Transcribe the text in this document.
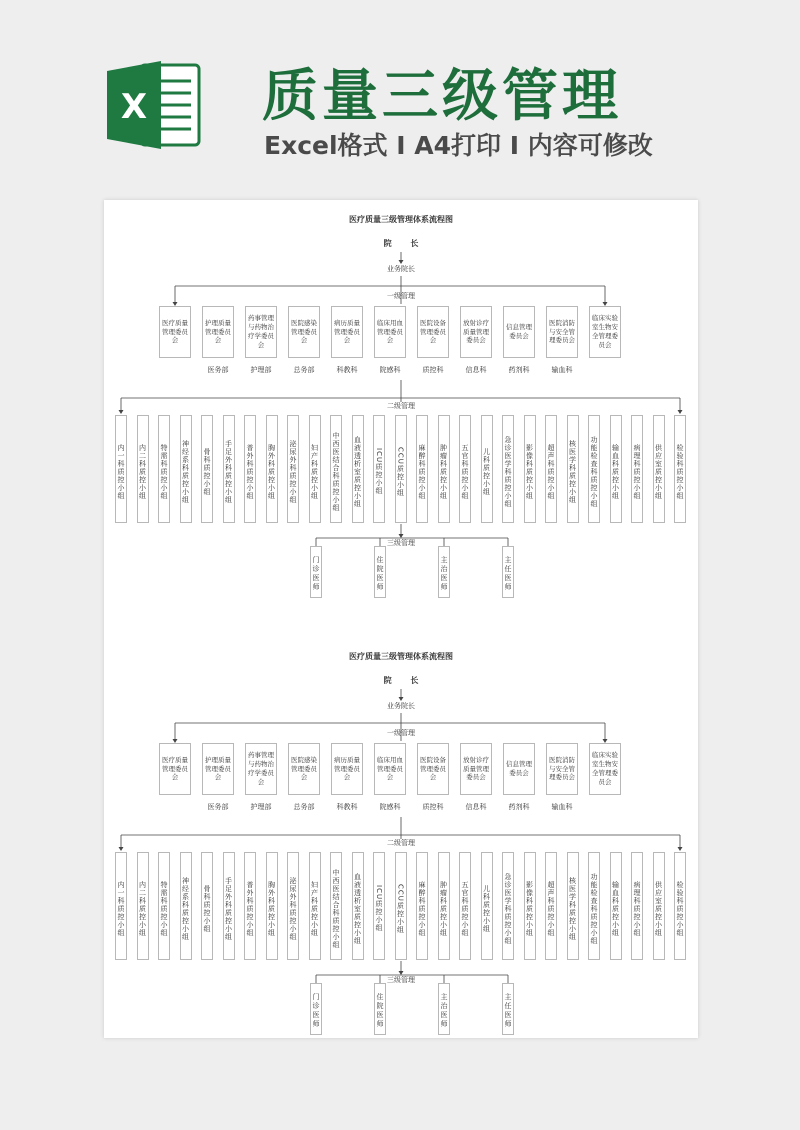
X 质量三级管理
Excel格式 I A4打印 I 内容可修改
医疗质量三级管理体系流程图
院 长
业务院长
一级管理
医疗质量管理委员会
护理质量管理委员会
药事管理与药物治疗学委员会
医院感染管理委员会
病历质量管理委员会
临床用血管理委员会
医院设备管理委员会
放射诊疗质量管理委员会
信息管理委员会
医院消防与安全管理委员会
临床实验室生物安全管理委员会
医务部	护理部	总务部	科教科	院感科	质控科	信息科	药剂科	输血科
二级管理
内一科质控小组 内二科质控小组 特需科质控小组 神经系科质控小组 骨科质控小组 手足外科质控小组 普外科质控小组 胸外科质控小组 泌尿外科质控小组 妇产科质控小组 中西医结合科质控小组 血液透析室质控小组 ICU质控小组 CCU质控小组 麻醉科质控小组 肿瘤科质控小组 五官科质控小组 儿科质控小组 急诊医学科质控小组 影像科质控小组 超声科质控小组 核医学科质控小组 功能检查科质控小组 输血科质控小组 病理科质控小组 供应室质控小组 检验科质控小组
三级管理
门诊医师	住院医师	主治医师	主任医师
医疗质量三级管理体系流程图
院 长
业务院长
一级管理
医疗质量管理委员会
护理质量管理委员会
药事管理与药物治疗学委员会
医院感染管理委员会
病历质量管理委员会
临床用血管理委员会
医院设备管理委员会
放射诊疗质量管理委员会
信息管理委员会
医院消防与安全管理委员会
临床实验室生物安全管理委员会
医务部	护理部	总务部	科教科	院感科	质控科	信息科	药剂科	输血科
二级管理
内一科质控小组 内二科质控小组 特需科质控小组 神经系科质控小组 骨科质控小组 手足外科质控小组 普外科质控小组 胸外科质控小组 泌尿外科质控小组 妇产科质控小组 中西医结合科质控小组 血液透析室质控小组 ICU质控小组 CCU质控小组 麻醉科质控小组 肿瘤科质控小组 五官科质控小组 儿科质控小组 急诊医学科质控小组 影像科质控小组 超声科质控小组 核医学科质控小组 功能检查科质控小组 输血科质控小组 病理科质控小组 供应室质控小组 检验科质控小组
三级管理
门诊医师	住院医师	主治医师	主任医师
